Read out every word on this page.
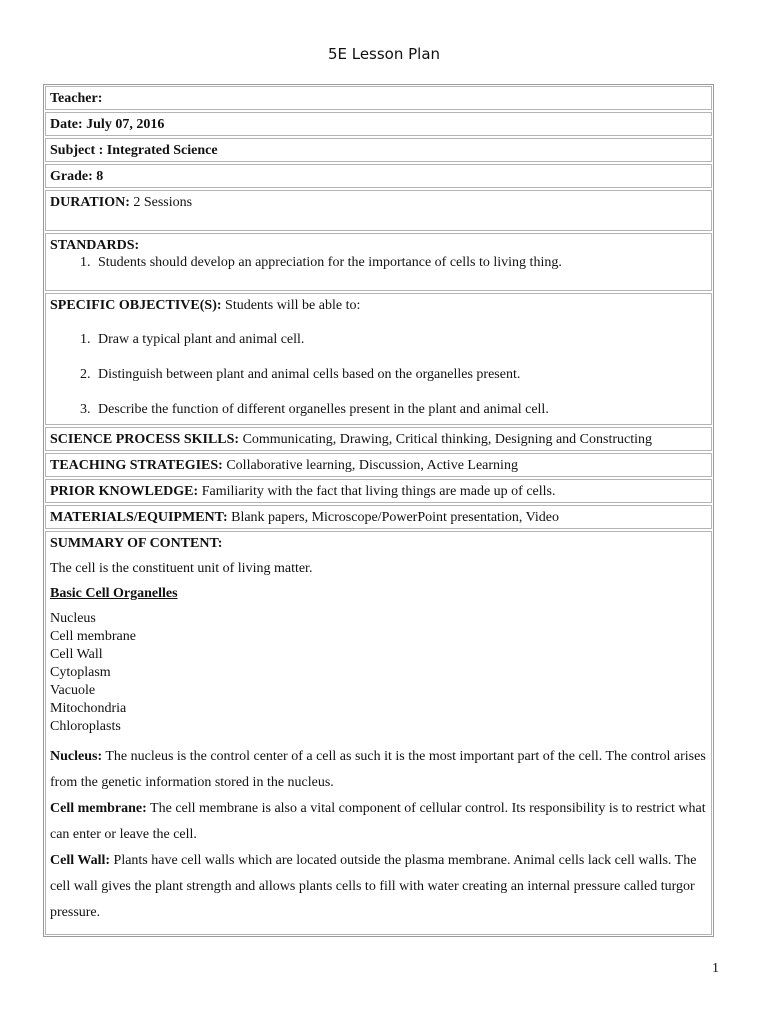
5E Lesson Plan
Teacher:
Date: July 07, 2016
Subject : Integrated Science
Grade: 8
DURATION: 2 Sessions
STANDARDS:
1. Students should develop an appreciation for the importance of cells to living thing.
SPECIFIC OBJECTIVE(S): Students will be able to:
1. Draw a typical plant and animal cell.
2. Distinguish between plant and animal cells based on the organelles present.
3. Describe the function of different organelles present in the plant and animal cell.
SCIENCE PROCESS SKILLS: Communicating, Drawing, Critical thinking, Designing and Constructing
TEACHING STRATEGIES: Collaborative learning, Discussion, Active Learning
PRIOR KNOWLEDGE: Familiarity with the fact that living things are made up of cells.
MATERIALS/EQUIPMENT: Blank papers, Microscope/PowerPoint presentation, Video

SUMMARY OF CONTENT:

The cell is the constituent unit of living matter.

Basic Cell Organelles

Nucleus
Cell membrane
Cell Wall
Cytoplasm
Vacuole
Mitochondria
Chloroplasts

Nucleus: The nucleus is the control center of a cell as such it is the most important part of the cell. The control arises from the genetic information stored in the nucleus.

Cell membrane: The cell membrane is also a vital component of cellular control. Its responsibility is to restrict what can enter or leave the cell.

Cell Wall: Plants have cell walls which are located outside the plasma membrane. Animal cells lack cell walls. The cell wall gives the plant strength and allows plants cells to fill with water creating an internal pressure called turgor pressure.

1
